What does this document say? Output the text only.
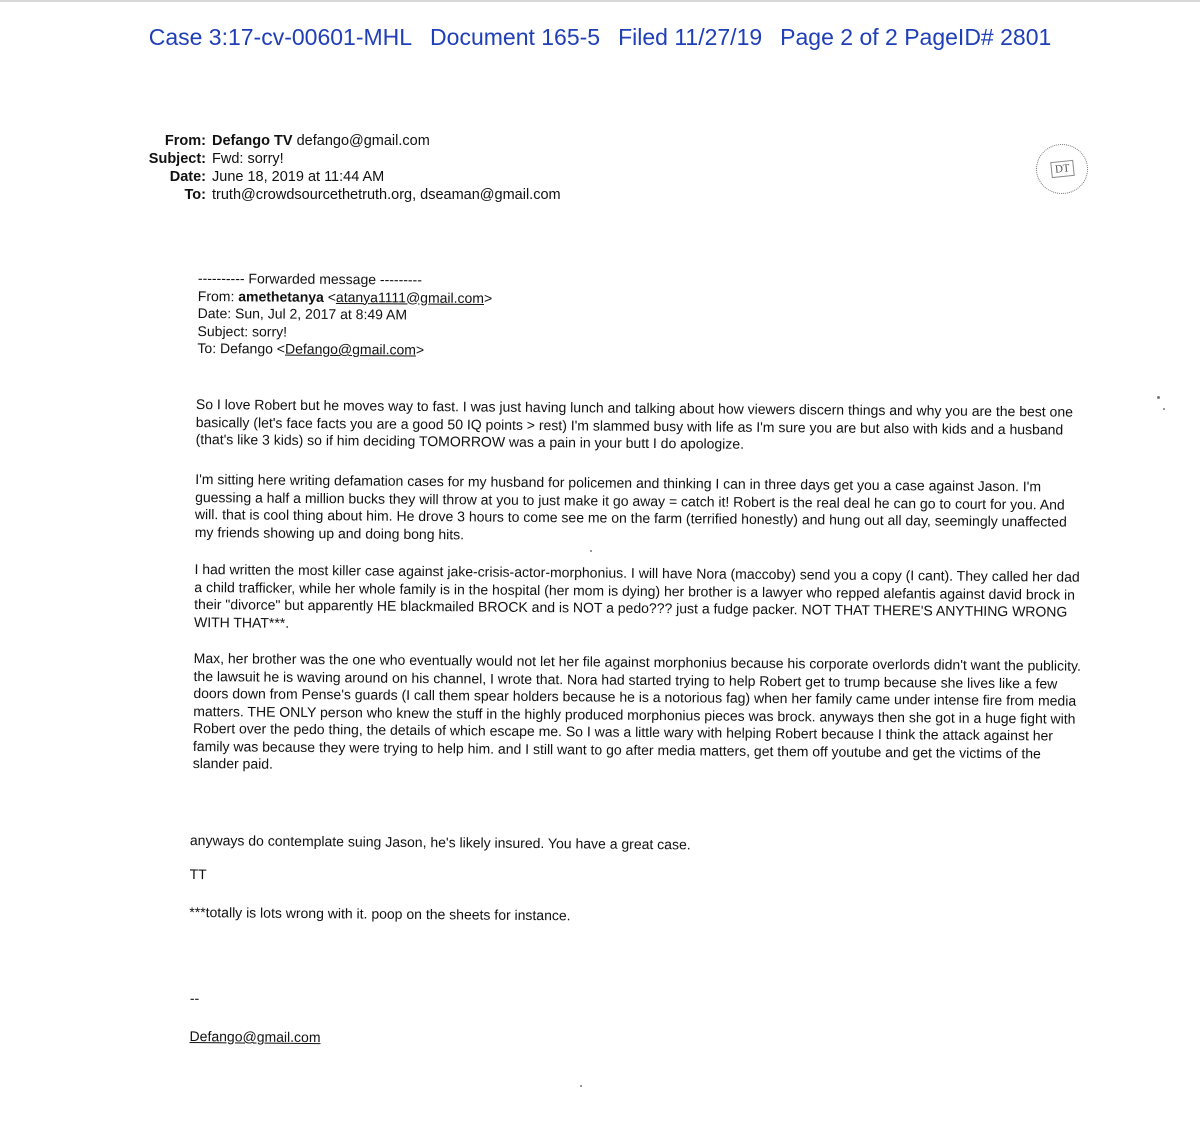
Case 3:17-cv-00601-MHL Document 165-5 Filed 11/27/19 Page 2 of 2 PageID# 2801
From: Defango TV defango@gmail.com
Subject: Fwd: sorry!
Date: June 18, 2019 at 11:44 AM
To: truth@crowdsourcethetruth.org, dseaman@gmail.com
DT
---------- Forwarded message ---------
From: amethetanya <atanya1111@gmail.com>
Date: Sun, Jul 2, 2017 at 8:49 AM
Subject: sorry!
To: Defango <Defango@gmail.com>

So I love Robert but he moves way to fast. I was just having lunch and talking about how viewers discern things and why you are the best one basically (let's face facts you are a good 50 IQ points > rest) I'm slammed busy with life as I'm sure you are but also with kids and a husband (that's like 3 kids) so if him deciding TOMORROW was a pain in your butt I do apologize.

I'm sitting here writing defamation cases for my husband for policemen and thinking I can in three days get you a case against Jason. I'm guessing a half a million bucks they will throw at you to just make it go away = catch it! Robert is the real deal he can go to court for you. And will. that is cool thing about him. He drove 3 hours to come see me on the farm (terrified honestly) and hung out all day, seemingly unaffected my friends showing up and doing bong hits.

I had written the most killer case against jake-crisis-actor-morphonius. I will have Nora (maccoby) send you a copy (I cant). They called her dad a child trafficker, while her whole family is in the hospital (her mom is dying) her brother is a lawyer who repped alefantis against david brock in their "divorce" but apparently HE blackmailed BROCK and is NOT a pedo??? just a fudge packer. NOT THAT THERE'S ANYTHING WRONG WITH THAT***.

Max, her brother was the one who eventually would not let her file against morphonius because his corporate overlords didn't want the publicity. the lawsuit he is waving around on his channel, I wrote that. Nora had started trying to help Robert get to trump because she lives like a few doors down from Pense's guards (I call them spear holders because he is a notorious fag) when her family came under intense fire from media matters. THE ONLY person who knew the stuff in the highly produced morphonius pieces was brock. anyways then she got in a huge fight with Robert over the pedo thing, the details of which escape me. So I was a little wary with helping Robert because I think the attack against her family was because they were trying to help him. and I still want to go after media matters, get them off youtube and get the victims of the slander paid.

anyways do contemplate suing Jason, he's likely insured. You have a great case.

TT

***totally is lots wrong with it. poop on the sheets for instance.

--

Defango@gmail.com
